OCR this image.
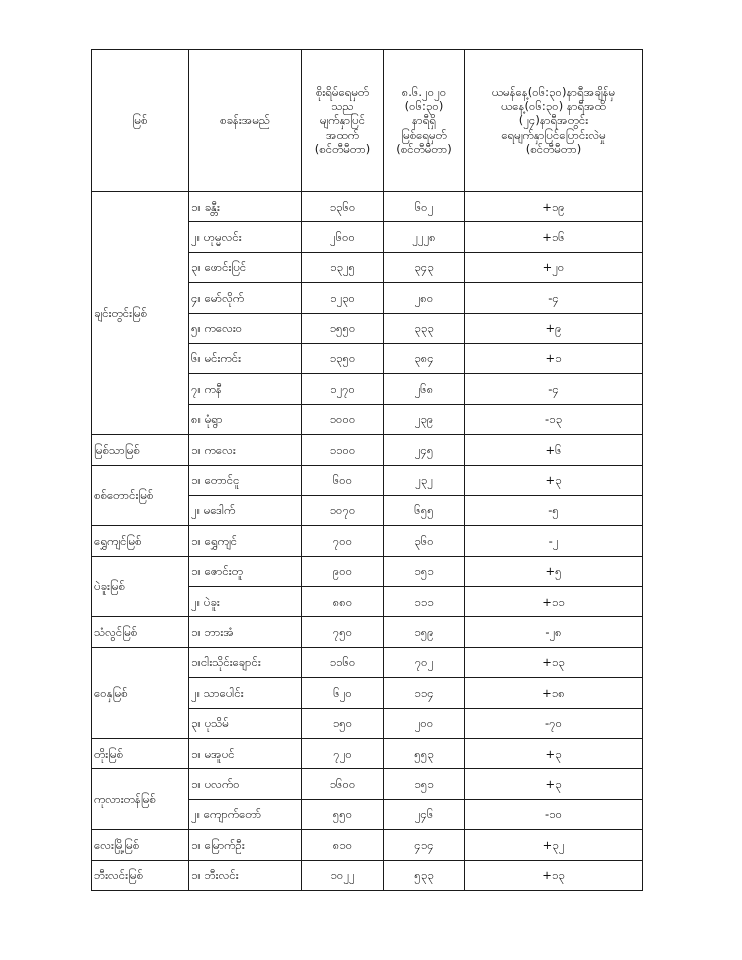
မြစ်	စခန်းအမည်	စိုးရိမ်ရေမှတ်
သည
မျက်နှာပြင်
အထက်
(စင်တီမီတာ)	၈.၆.၂၀၂၀
(၀၆:၃၀)
နာရီရှိ
မြစ်ရေမှတ်
(စင်တီမီတာ)	ယမန်နေ့(၀၆:၃၀)နာရီအချိန်မှ
ယနေ့(၀၆:၃၀) နာရီအထိ
(၂၄)နာရီအတွင်း
ရေမျက်နှာပြင်ပြောင်းလဲမှု
(စင်တီမီတာ)
ချင်းတွင်းမြစ်	၁။ ခန္တီး	၁၃၆၀	၆၀၂	+၁၉
	၂။ ဟုမ္မလင်း	၂၆၀၀	၂၂၂၈	+၁၆
	၃။ ဖောင်းပြင်	၁၃၂၅	၃၄၃	+၂၀
	၄။ မော်လိုက်	၁၂၃၀	၂၈၀	-၄
	၅။ ကလေးဝ	၁၅၅၀	၃၃၃	+၉
	၆။ မင်းကင်း	၁၃၅၀	၃၈၄	+၁
	၇။ ကနီ	၁၂၇၀	၂၆၈	-၄
	၈။ မုံရွာ	၁၀၀၀	၂၃၉	-၁၃
မြစ်သာမြစ်	၁။ ကလေး	၁၁၀၀	၂၄၅	+၆
စစ်တောင်းမြစ်	၁။ တောင်ငူ	၆၀၀	၂၃၂	+၃
	၂။ မဒေါက်	၁၀၇၀	၆၅၅	-၅
ရွှေကျင်မြစ်	၁။ ရွှေကျင်	၇၀၀	၃၆၀	-၂
ပဲခူးမြစ်	၁။ ဇောင်းတူ	၉၀၀	၁၅၁	+၅
	၂။ ပဲခူး	၈၈၀	၁၁၁	+၁၁
သံလွင်မြစ်	၁။ ဘားအံ	၇၅၀	၁၅၉	-၂၈
ဝေနှမြစ်	၁။ငါးသိုင်းချောင်း	၁၁၆၀	၇၀၂	+၁၃
	၂။ သာပေါင်း	၆၂၀	၁၁၄	+၁၈
	၃။ ပုသိမ်	၁၅၀	၂၀၀	-၇၀
တိုးမြစ်	၁။ မအူပင်	၇၂၀	၅၅၃	+၃
ကုလားတန်မြစ်	၁။ ပလက်ဝ	၁၆၀၀	၁၅၁	+၃
	၂။ ကျောက်တော်	၅၅၀	၂၄၆	-၁၀
လေးမြို့မြစ်	၁။ မြောက်ဦး	၈၁၀	၄၁၄	+၃၂
ဘီးလင်းမြစ်	၁။ ဘီးလင်း	၁၀၂၂	၅၃၃	+၁၃
